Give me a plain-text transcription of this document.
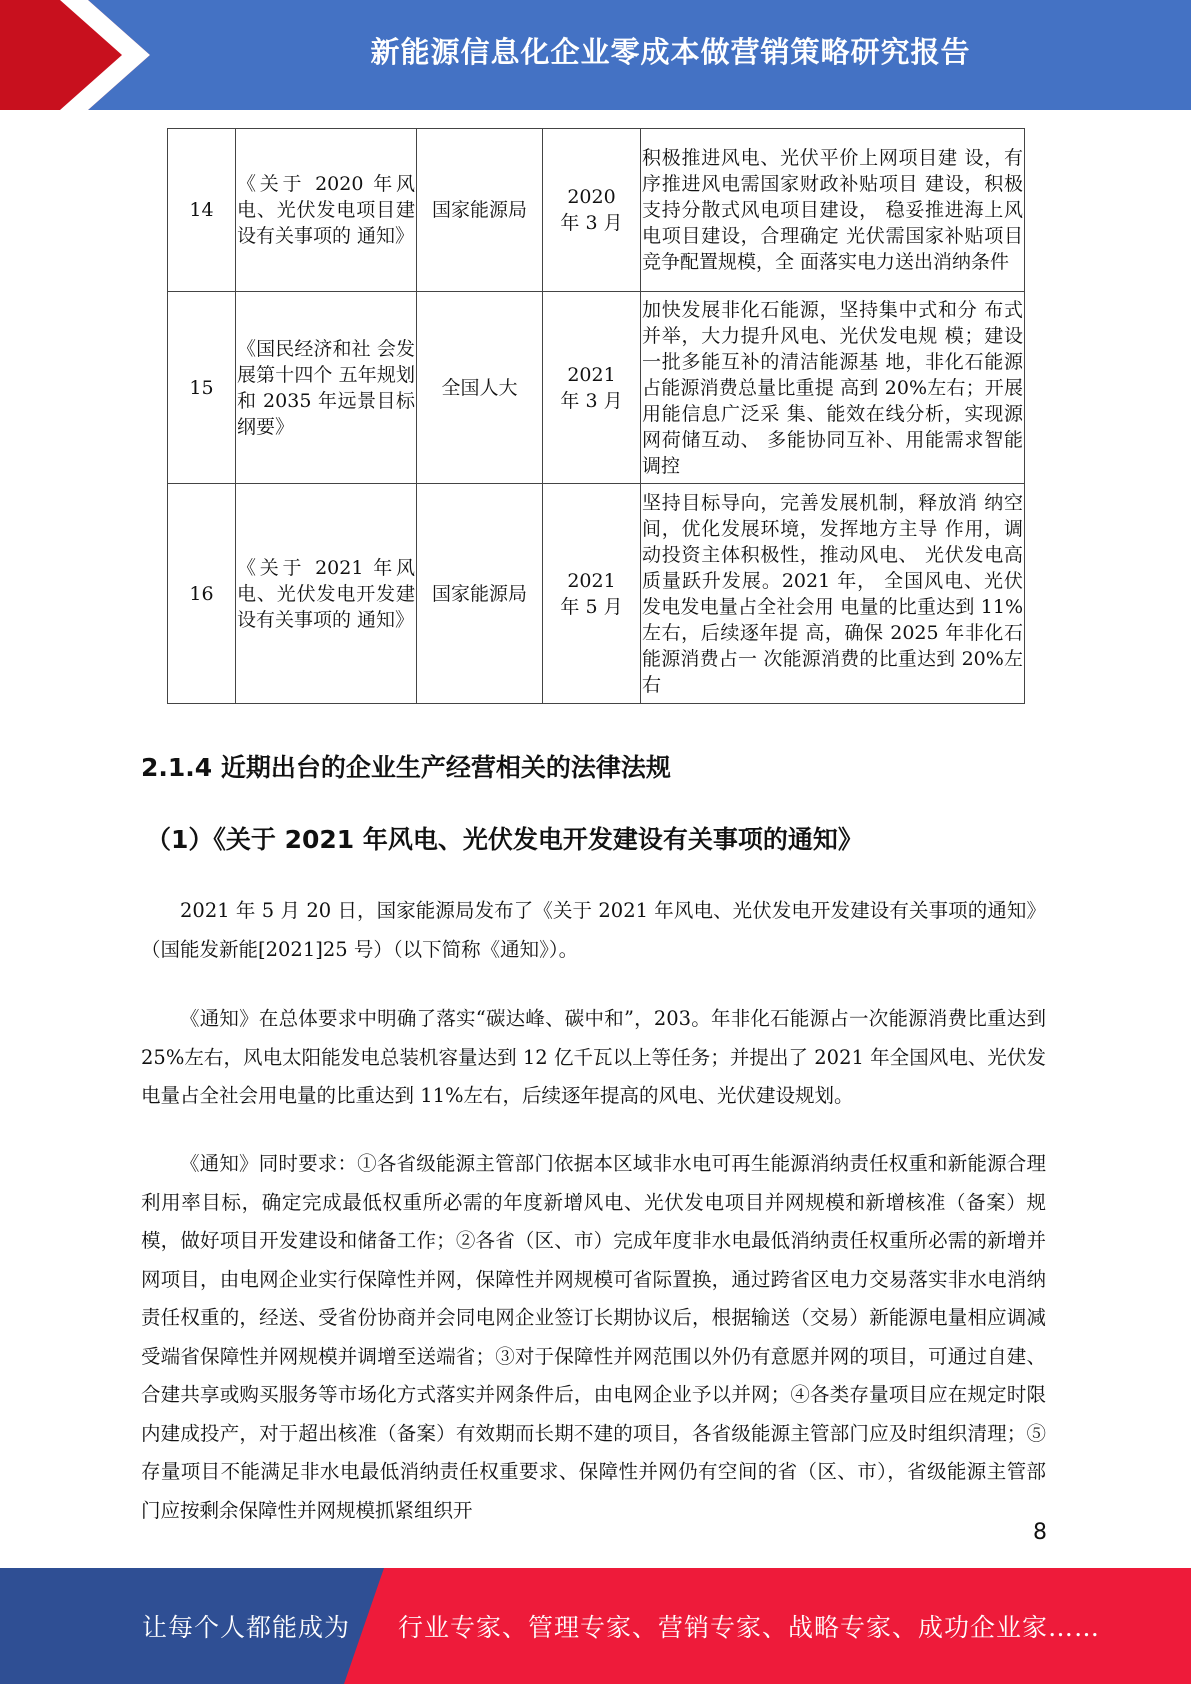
新能源信息化企业零成本做营销策略研究报告
14	《关于 2020 年风电、光伏发电项目建设有关事项的 通知》	国家能源局	2020 年 3 月	积极推进风电、光伏平价上网项目建 设，有序推进风电需国家财政补贴项目 建设，积极支持分散式风电项目建设， 稳妥推进海上风电项目建设，合理确定 光伏需国家补贴项目竞争配置规模，全 面落实电力送出消纳条件
15	《国民经济和社 会发展第十四个 五年规划和 2035 年远景目标纲要》	全国人大	2021 年 3 月	加快发展非化石能源，坚持集中式和分 布式并举，大力提升风电、光伏发电规 模；建设一批多能互补的清洁能源基 地，非化石能源占能源消费总量比重提 高到 20%左右；开展用能信息广泛采 集、能效在线分析，实现源网荷储互动、 多能协同互补、用能需求智能调控
16	《关于 2021 年风电、光伏发电开发建设有关事项的 通知》	国家能源局	2021 年 5 月	坚持目标导向，完善发展机制，释放消 纳空间，优化发展环境，发挥地方主导 作用，调动投资主体积极性，推动风电、 光伏发电高质量跃升发展。2021 年， 全国风电、光伏发电发电量占全社会用 电量的比重达到 11%左右，后续逐年提 高，确保 2025 年非化石能源消费占一 次能源消费的比重达到 20%左右
2.1.4 近期出台的企业生产经营相关的法律法规
（1）《关于 2021 年风电、光伏发电开发建设有关事项的通知》

2021 年 5 月 20 日，国家能源局发布了《关于 2021 年风电、光伏发电开发建设有关事项的通知》（国能发新能[2021]25 号）（以下简称《通知》）。

《通知》在总体要求中明确了落实“碳达峰、碳中和”，203。年非化石能源占一次能源消费比重达到 25%左右，风电太阳能发电总装机容量达到 12 亿千瓦以上等任务；并提出了 2021 年全国风电、光伏发电量占全社会用电量的比重达到 11%左右，后续逐年提高的风电、光伏建设规划。

《通知》同时要求：①各省级能源主管部门依据本区域非水电可再生能源消纳责任权重和新能源合理利用率目标，确定完成最低权重所必需的年度新增风电、光伏发电项目并网规模和新增核准（备案）规模，做好项目开发建设和储备工作；②各省（区、市）完成年度非水电最低消纳责任权重所必需的新增并网项目，由电网企业实行保障性并网，保障性并网规模可省际置换，通过跨省区电力交易落实非水电消纳责任权重的，经送、受省份协商并会同电网企业签订长期协议后，根据输送（交易）新能源电量相应调减受端省保障性并网规模并调增至送端省；③对于保障性并网范围以外仍有意愿并网的项目，可通过自建、合建共享或购买服务等市场化方式落实并网条件后，由电网企业予以并网；④各类存量项目应在规定时限内建成投产，对于超出核准（备案）有效期而长期不建的项目，各省级能源主管部门应及时组织清理；⑤存量项目不能满足非水电最低消纳责任权重要求、保障性并网仍有空间的省（区、市），省级能源主管部门应按剩余保障性并网规模抓紧组织开

8
让每个人都能成为 行业专家、管理专家、营销专家、战略专家、成功企业家……
